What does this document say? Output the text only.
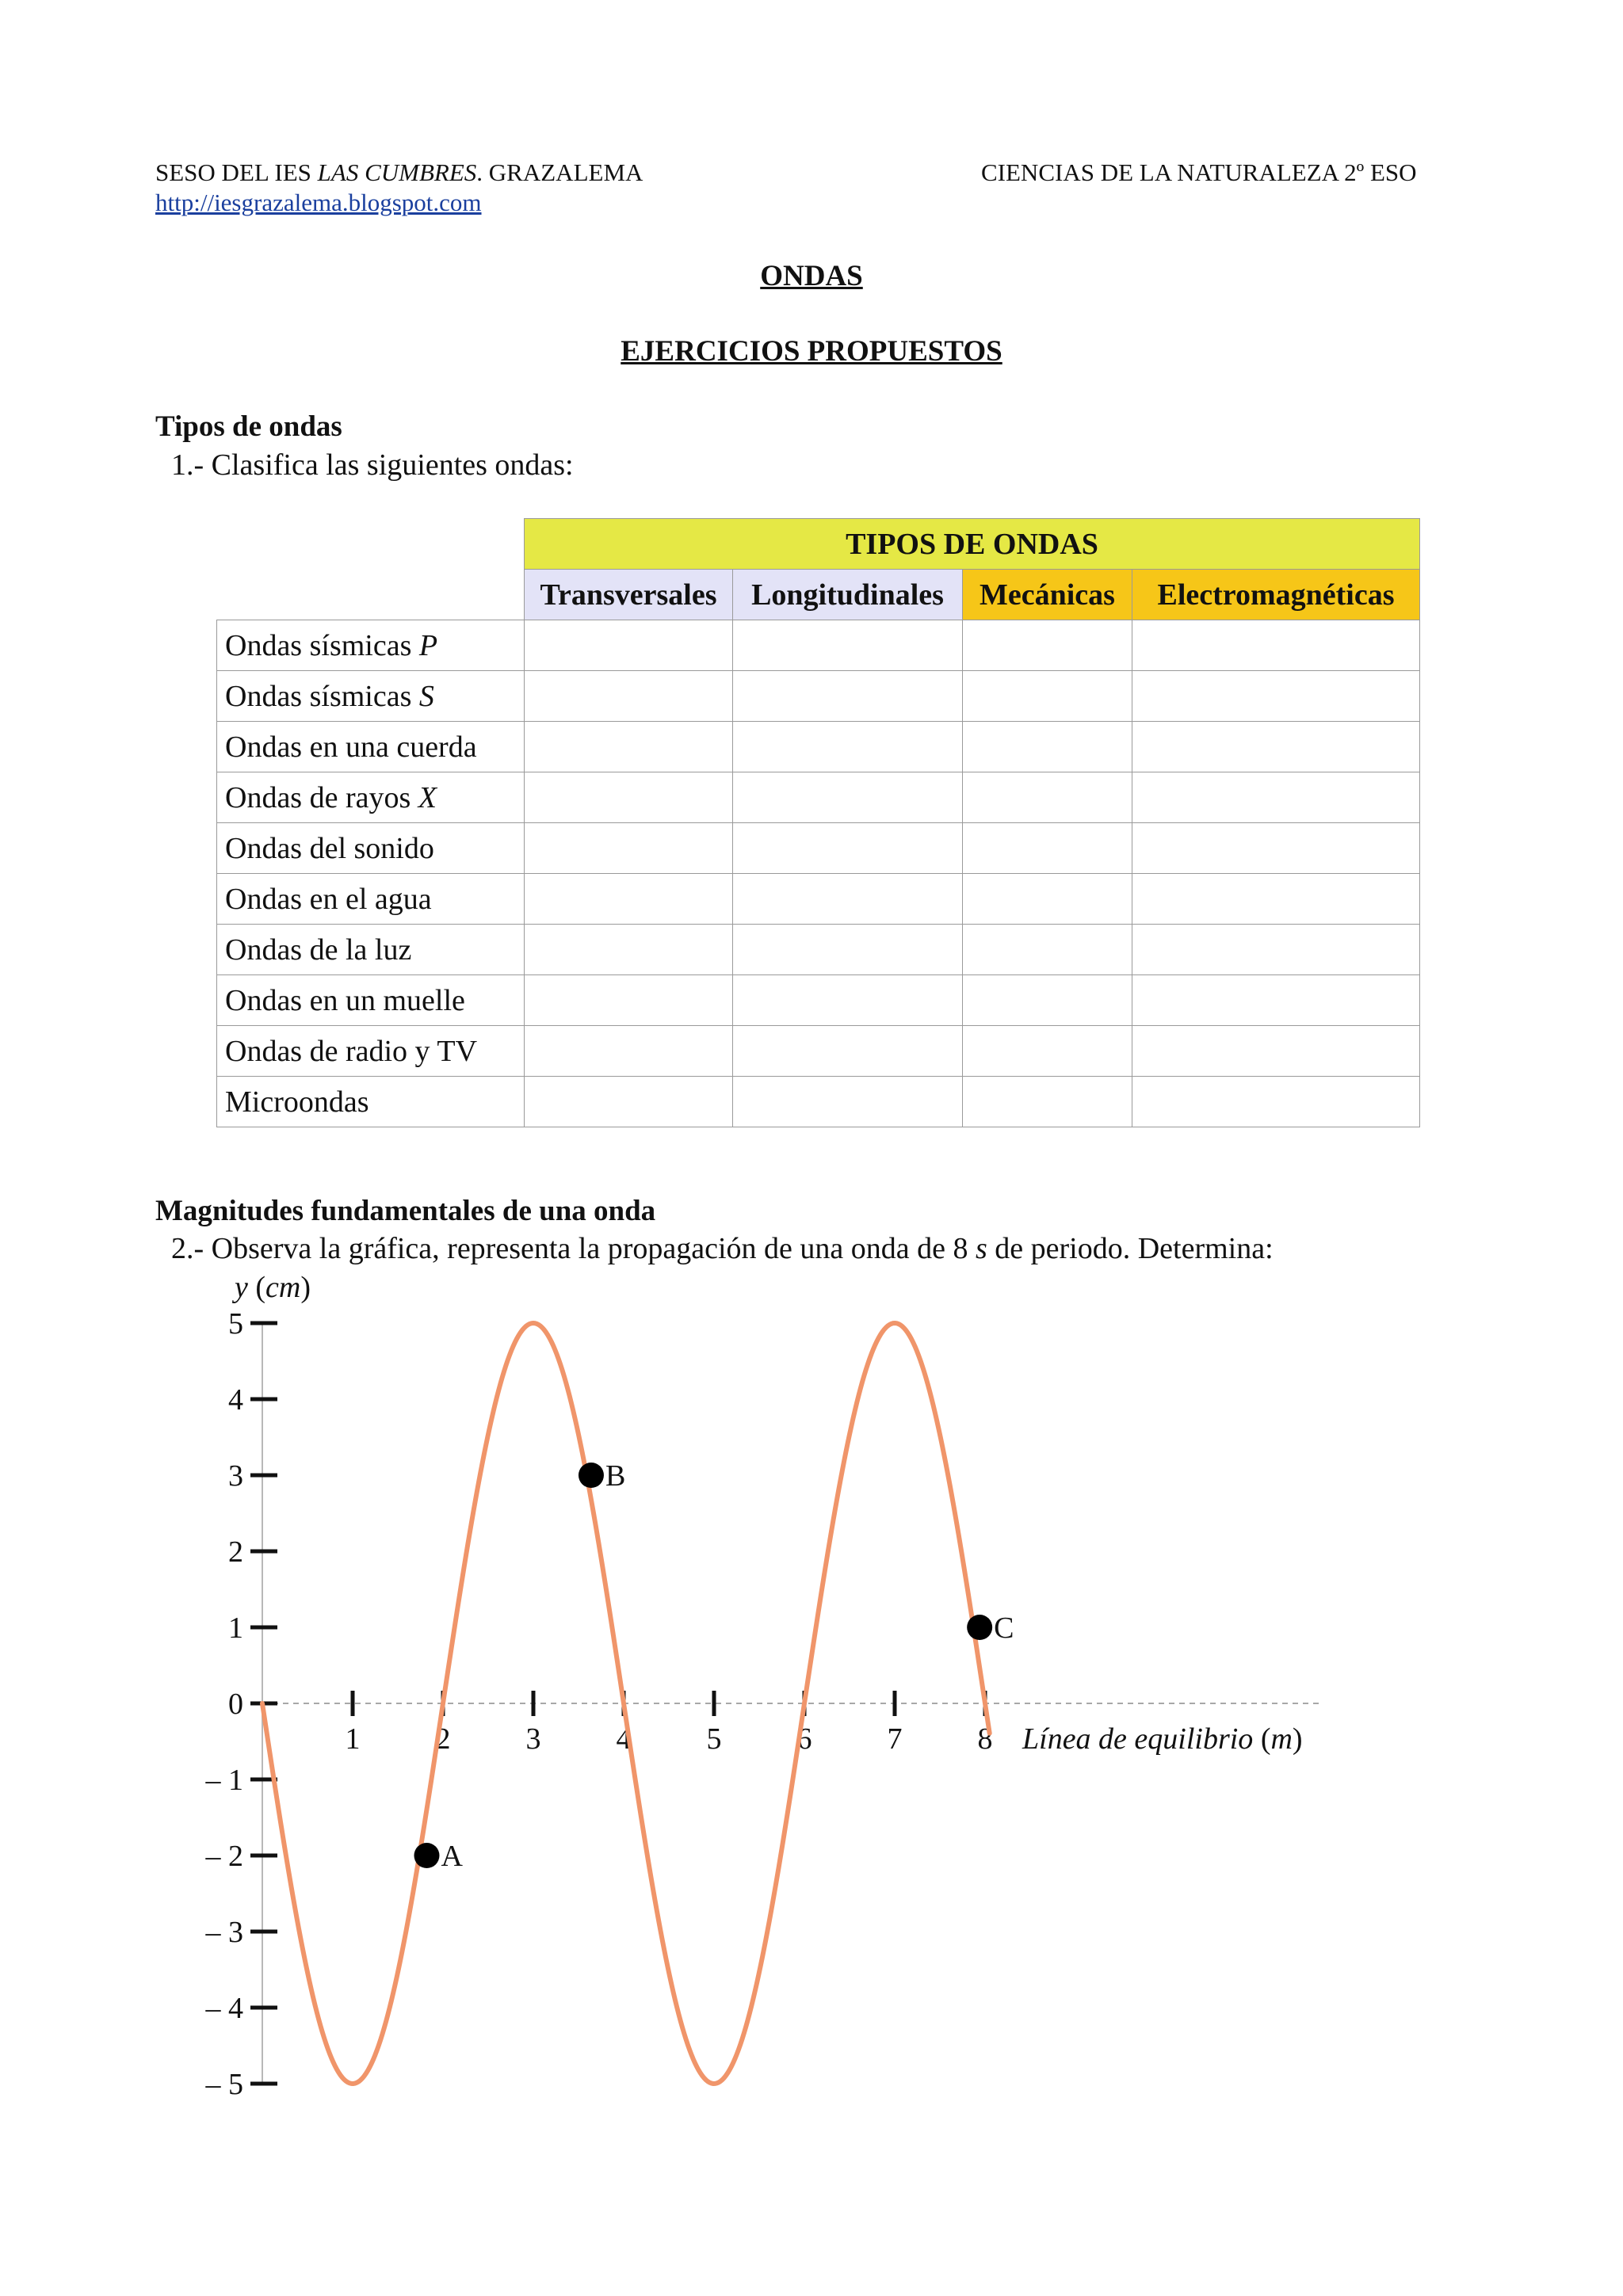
SESO DEL IES LAS CUMBRES. GRAZALEMA	CIENCIAS DE LA NATURALEZA 2º ESO
http://iesgrazalema.blogspot.com
ONDAS
EJERCICIOS PROPUESTOS
Tipos de ondas
1.- Clasifica las siguientes ondas:
	TIPOS DE ONDAS			
	Transversales	Longitudinales	Mecánicas	Electromagnéticas
Ondas sísmicas P				
Ondas sísmicas S				
Ondas en una cuerda				
Ondas de rayos X				
Ondas del sonido				
Ondas en el agua				
Ondas de la luz				
Ondas en un muelle				
Ondas de radio y TV				
Microondas				
Magnitudes fundamentales de una onda
2.- Observa la gráfica, representa la propagación de una onda de 8 s de periodo. Determina:
5
4
3
2
1
0
– 1
– 2
– 3
– 4
– 5
1	2	3	4	5	6	7	8
y (cm)
Línea de equilibrio (m)
A
B
C
